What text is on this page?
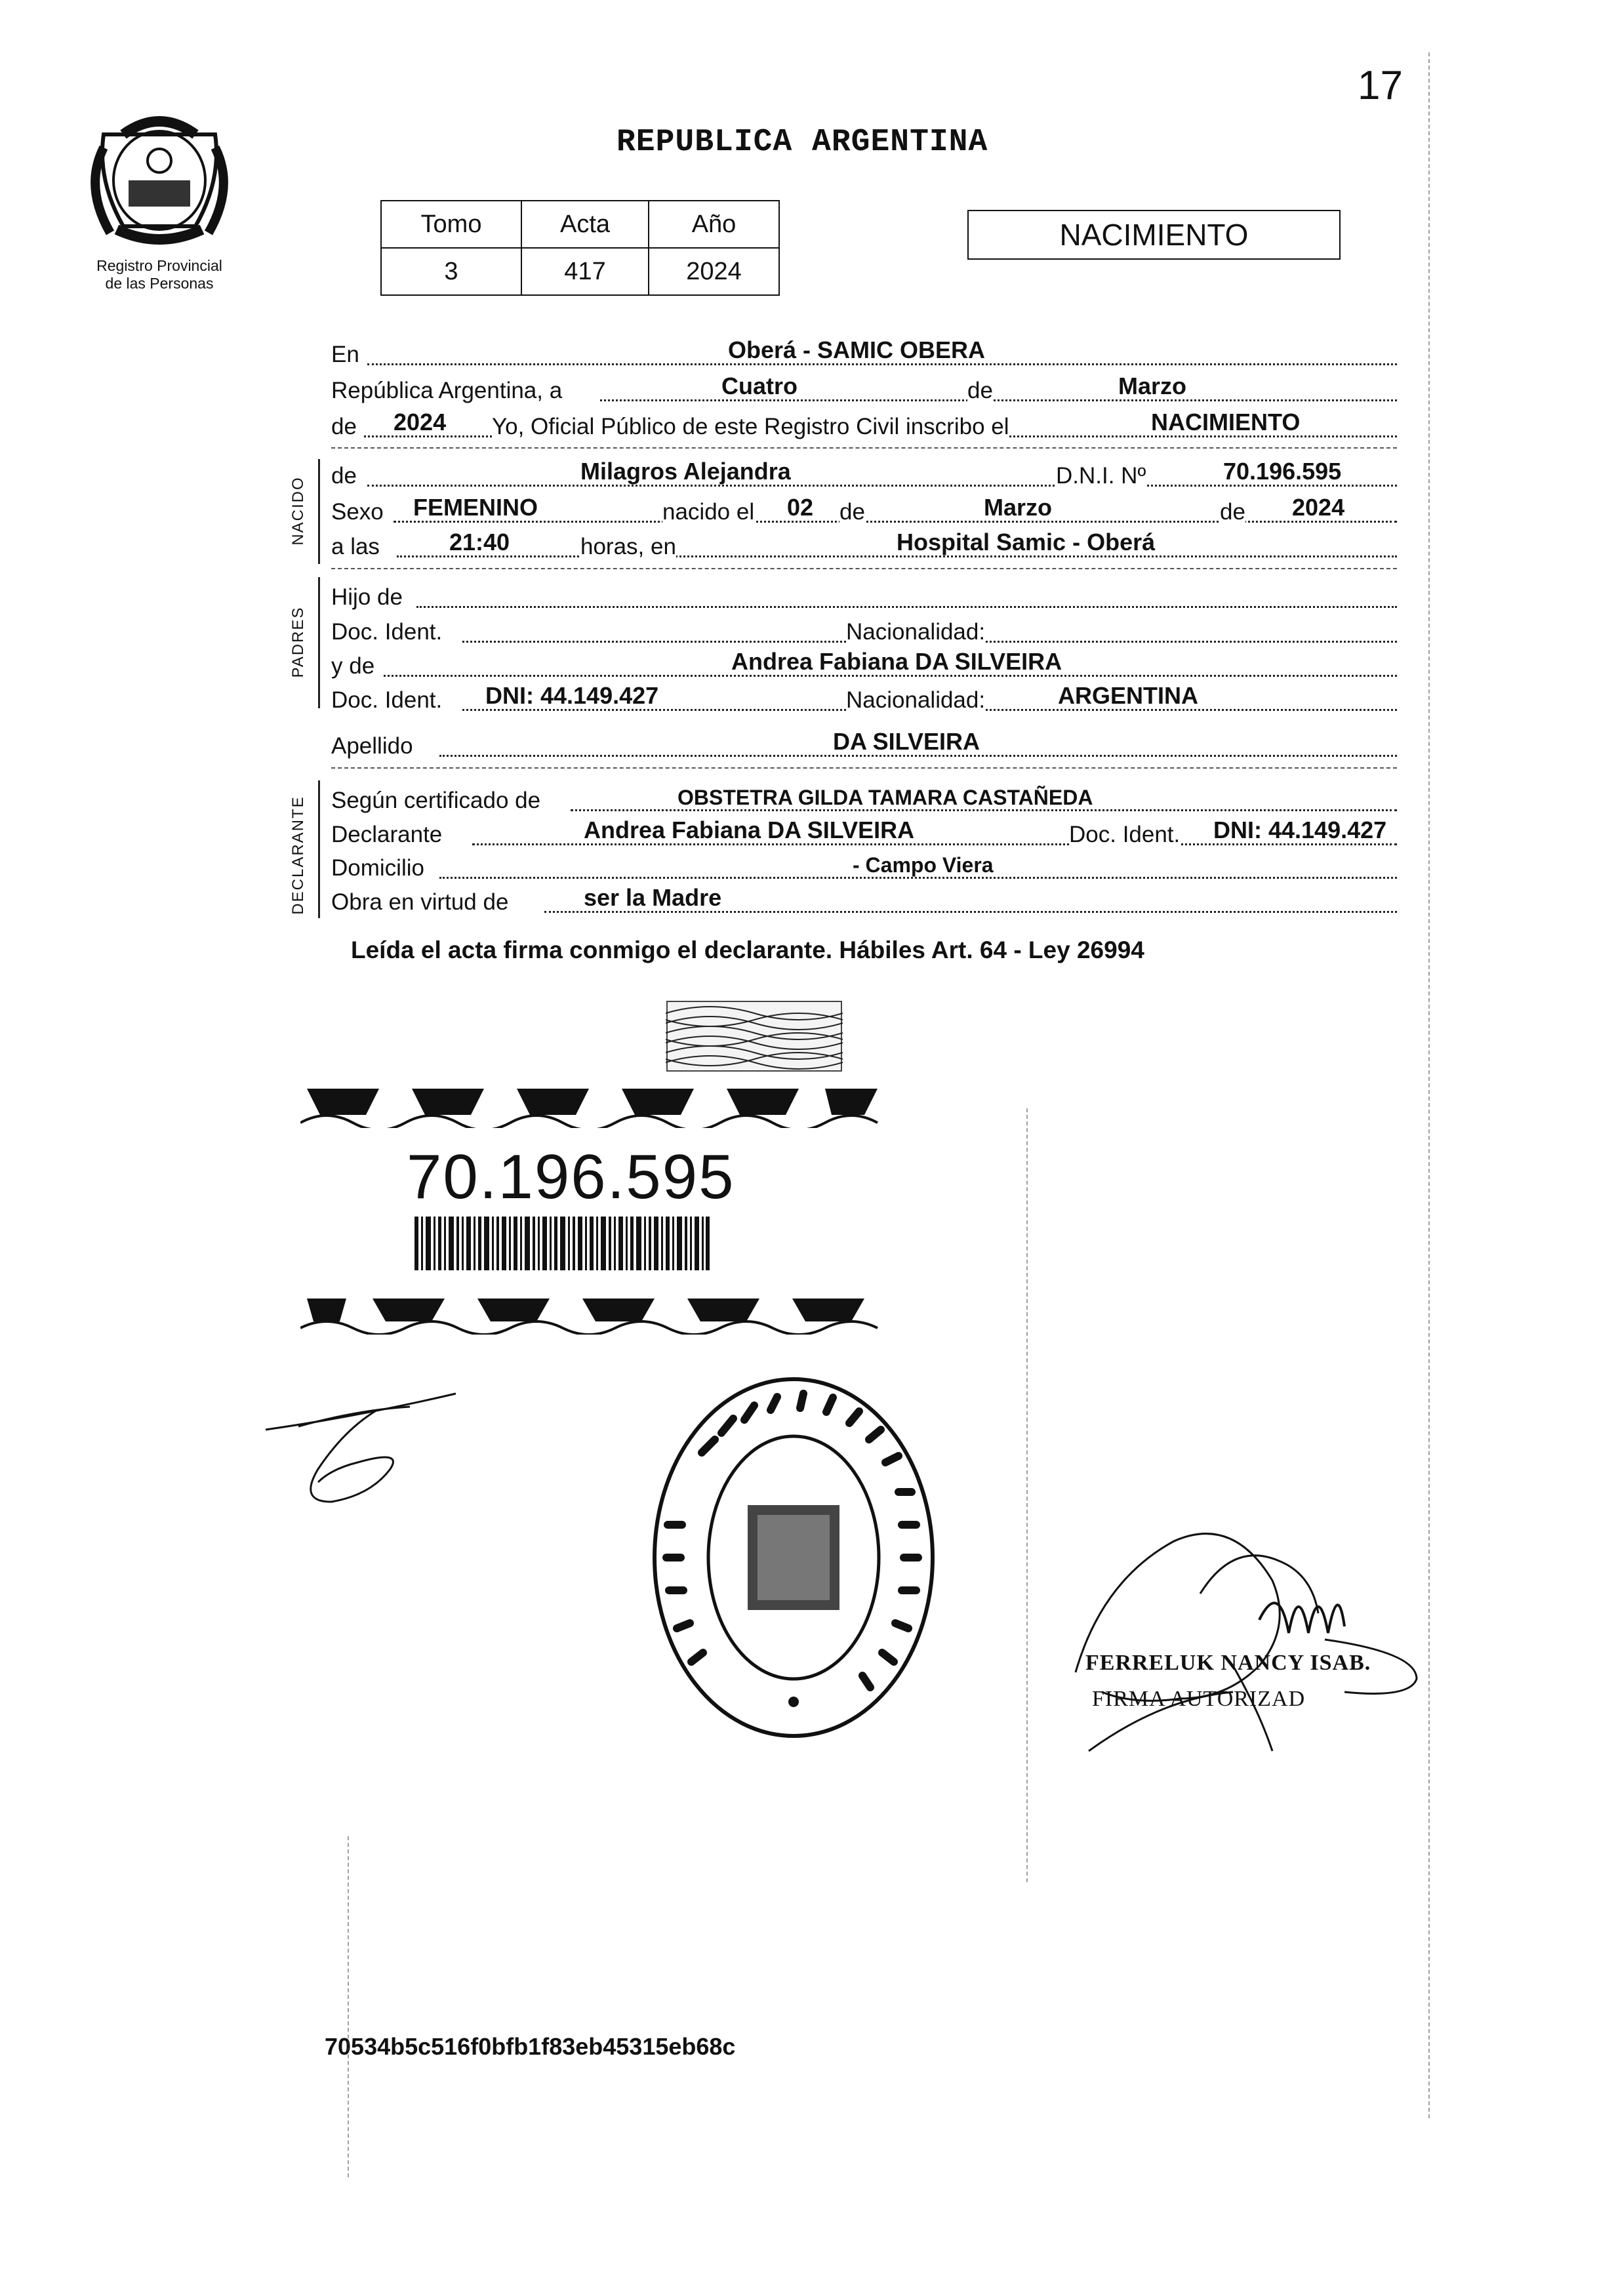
17
Registro Provincial
de las Personas
REPUBLICA ARGENTINA
Tomo	Acta	Año
3	417	2024
NACIMIENTO
En	Oberá - SAMIC OBERA
República Argentina, a	Cuatro	de	Marzo
de 2024 Yo, Oficial Público de este Registro Civil inscribo el	NACIMIENTO
NACIDO
de	Milagros Alejandra	D.N.I. Nº	70.196.595
Sexo FEMENINO	nacido el 02 de	Marzo	de 2024
a las	21:40	horas, en	Hospital Samic - Oberá
PADRES
Hijo de
Doc. Ident.	Nacionalidad:
y de	Andrea Fabiana DA SILVEIRA
Doc. Ident. DNI: 44.149.427	Nacionalidad:	ARGENTINA
Apellido	DA SILVEIRA
DECLARANTE Según certificado de	OBSTETRA GILDA TAMARA CASTAÑEDA
Declarante	Andrea Fabiana DA SILVEIRA	Doc. Ident. DNI: 44.149.427
Domicilio	- Campo Viera
Obra en virtud de	ser la Madre
Leída el acta firma conmigo el declarante. Hábiles Art. 64 - Ley 26994
70.196.595
FERRELUK NANCY ISAB.
FIRMA AUTORIZAD
70534b5c516f0bfb1f83eb45315eb68c
